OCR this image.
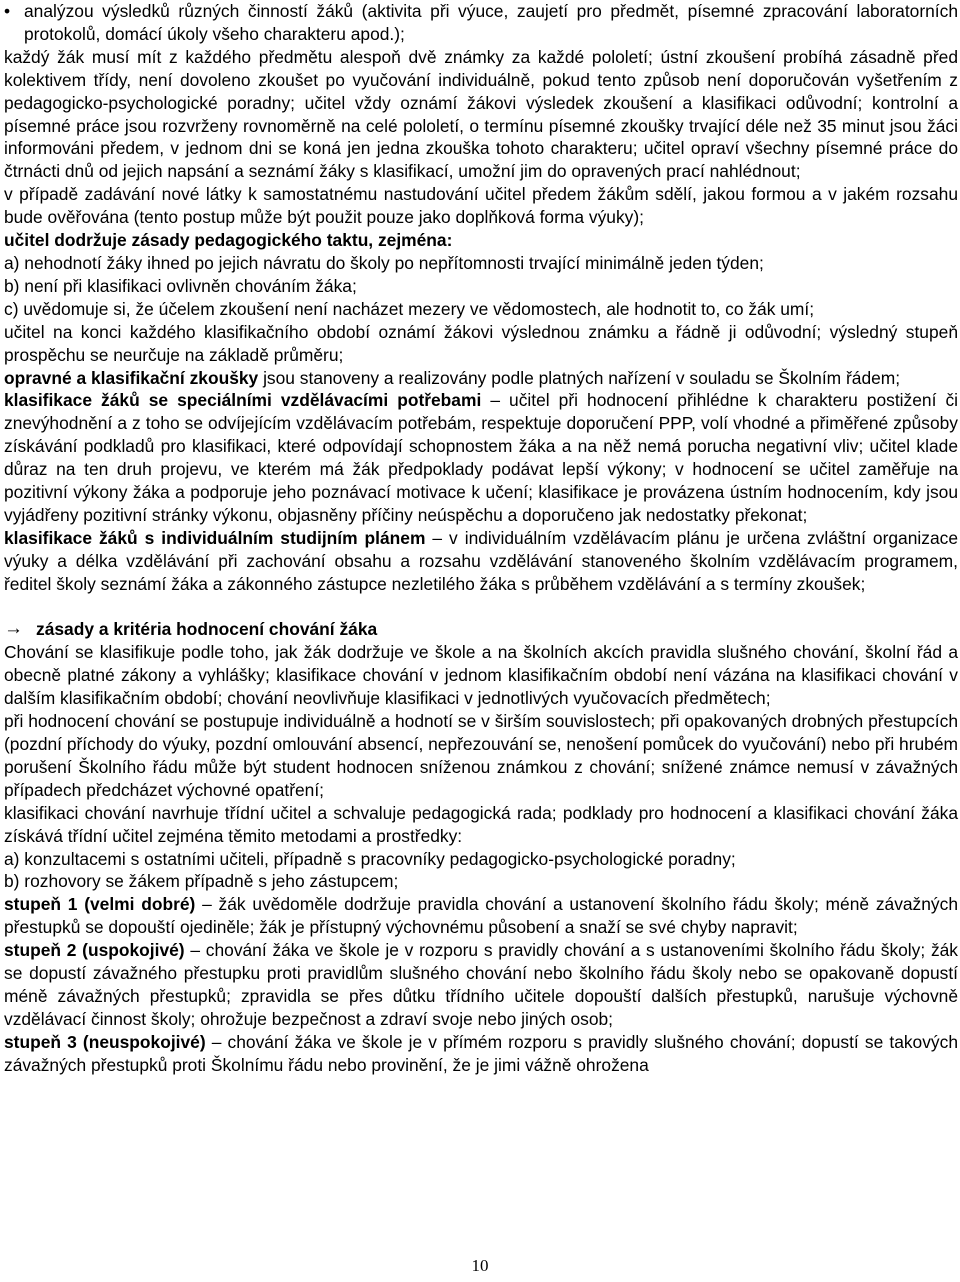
• analýzou výsledků různých činností žáků (aktivita při výuce, zaujetí pro předmět, písemné zpracování laboratorních protokolů, domácí úkoly všeho charakteru apod.);

každý žák musí mít z každého předmětu alespoň dvě známky za každé pololetí; ústní zkoušení probíhá zásadně před kolektivem třídy, není dovoleno zkoušet po vyučování individuálně, pokud tento způsob není doporučován vyšetřením z pedagogicko-psychologické poradny; učitel vždy oznámí žákovi výsledek zkoušení a klasifikaci odůvodní; kontrolní a písemné práce jsou rozvrženy rovnoměrně na celé pololetí, o termínu písemné zkoušky trvající déle než 35 minut jsou žáci informováni předem, v jednom dni se koná jen jedna zkouška tohoto charakteru; učitel opraví všechny písemné práce do čtrnácti dnů od jejich napsání a seznámí žáky s klasifikací, umožní jim do opravených prací nahlédnout;

v případě zadávání nové látky k samostatnému nastudování učitel předem žákům sdělí, jakou formou a v jakém rozsahu bude ověřována (tento postup může být použit pouze jako doplňková forma výuky);

učitel dodržuje zásady pedagogického taktu, zejména:

a) nehodnotí žáky ihned po jejich návratu do školy po nepřítomnosti trvající minimálně jeden týden;

b) není při klasifikaci ovlivněn chováním žáka;

c) uvědomuje si, že účelem zkoušení není nacházet mezery ve vědomostech, ale hodnotit to, co žák umí;

učitel na konci každého klasifikačního období oznámí žákovi výslednou známku a řádně ji odůvodní; výsledný stupeň prospěchu se neurčuje na základě průměru;

opravné a klasifikační zkoušky jsou stanoveny a realizovány podle platných nařízení v souladu se Školním řádem;

klasifikace žáků se speciálními vzdělávacími potřebami – učitel při hodnocení přihlédne k charakteru postižení či znevýhodnění a z toho se odvíjejícím vzdělávacím potřebám, respektuje doporučení PPP, volí vhodné a přiměřené způsoby získávání podkladů pro klasifikaci, které odpovídají schopnostem žáka a na něž nemá porucha negativní vliv; učitel klade důraz na ten druh projevu, ve kterém má žák předpoklady podávat lepší výkony; v hodnocení se učitel zaměřuje na pozitivní výkony žáka a podporuje jeho poznávací motivace k učení; klasifikace je provázena ústním hodnocením, kdy jsou vyjádřeny pozitivní stránky výkonu, objasněny příčiny neúspěchu a doporučeno jak nedostatky překonat;

klasifikace žáků s individuálním studijním plánem – v individuálním vzdělávacím plánu je určena zvláštní organizace výuky a délka vzdělávání při zachování obsahu a rozsahu vzdělávání stanoveného školním vzdělávacím programem, ředitel školy seznámí žáka a zákonného zástupce nezletilého žáka s průběhem vzdělávání a s termíny zkoušek;

→ zásady a kritéria hodnocení chování žáka

Chování se klasifikuje podle toho, jak žák dodržuje ve škole a na školních akcích pravidla slušného chování, školní řád a obecně platné zákony a vyhlášky; klasifikace chování v jednom klasifikačním období není vázána na klasifikaci chování v dalším klasifikačním období; chování neovlivňuje klasifikaci v jednotlivých vyučovacích předmětech;

při hodnocení chování se postupuje individuálně a hodnotí se v širším souvislostech; při opakovaných drobných přestupcích (pozdní příchody do výuky, pozdní omlouvání absencí, nepřezouvání se, nenošení pomůcek do vyučování) nebo při hrubém porušení Školního řádu může být student hodnocen sníženou známkou z chování; snížené známce nemusí v závažných případech předcházet výchovné opatření;

klasifikaci chování navrhuje třídní učitel a schvaluje pedagogická rada; podklady pro hodnocení a klasifikaci chování žáka získává třídní učitel zejména těmito metodami a prostředky:

a) konzultacemi s ostatními učiteli, případně s pracovníky pedagogicko-psychologické poradny;

b) rozhovory se žákem případně s jeho zástupcem;

stupeň 1 (velmi dobré) – žák uvědoměle dodržuje pravidla chování a ustanovení školního řádu školy; méně závažných přestupků se dopouští ojediněle; žák je přístupný výchovnému působení a snaží se své chyby napravit;

stupeň 2 (uspokojivé) – chování žáka ve škole je v rozporu s pravidly chování a s ustanoveními školního řádu školy; žák se dopustí závažného přestupku proti pravidlům slušného chování nebo školního řádu školy nebo se opakovaně dopustí méně závažných přestupků; zpravidla se přes důtku třídního učitele dopouští dalších přestupků, narušuje výchovně vzdělávací činnost školy; ohrožuje bezpečnost a zdraví svoje nebo jiných osob;

stupeň 3 (neuspokojivé) – chování žáka ve škole je v přímém rozporu s pravidly slušného chování; dopustí se takových závažných přestupků proti Školnímu řádu nebo provinění, že je jimi vážně ohrožena

10
